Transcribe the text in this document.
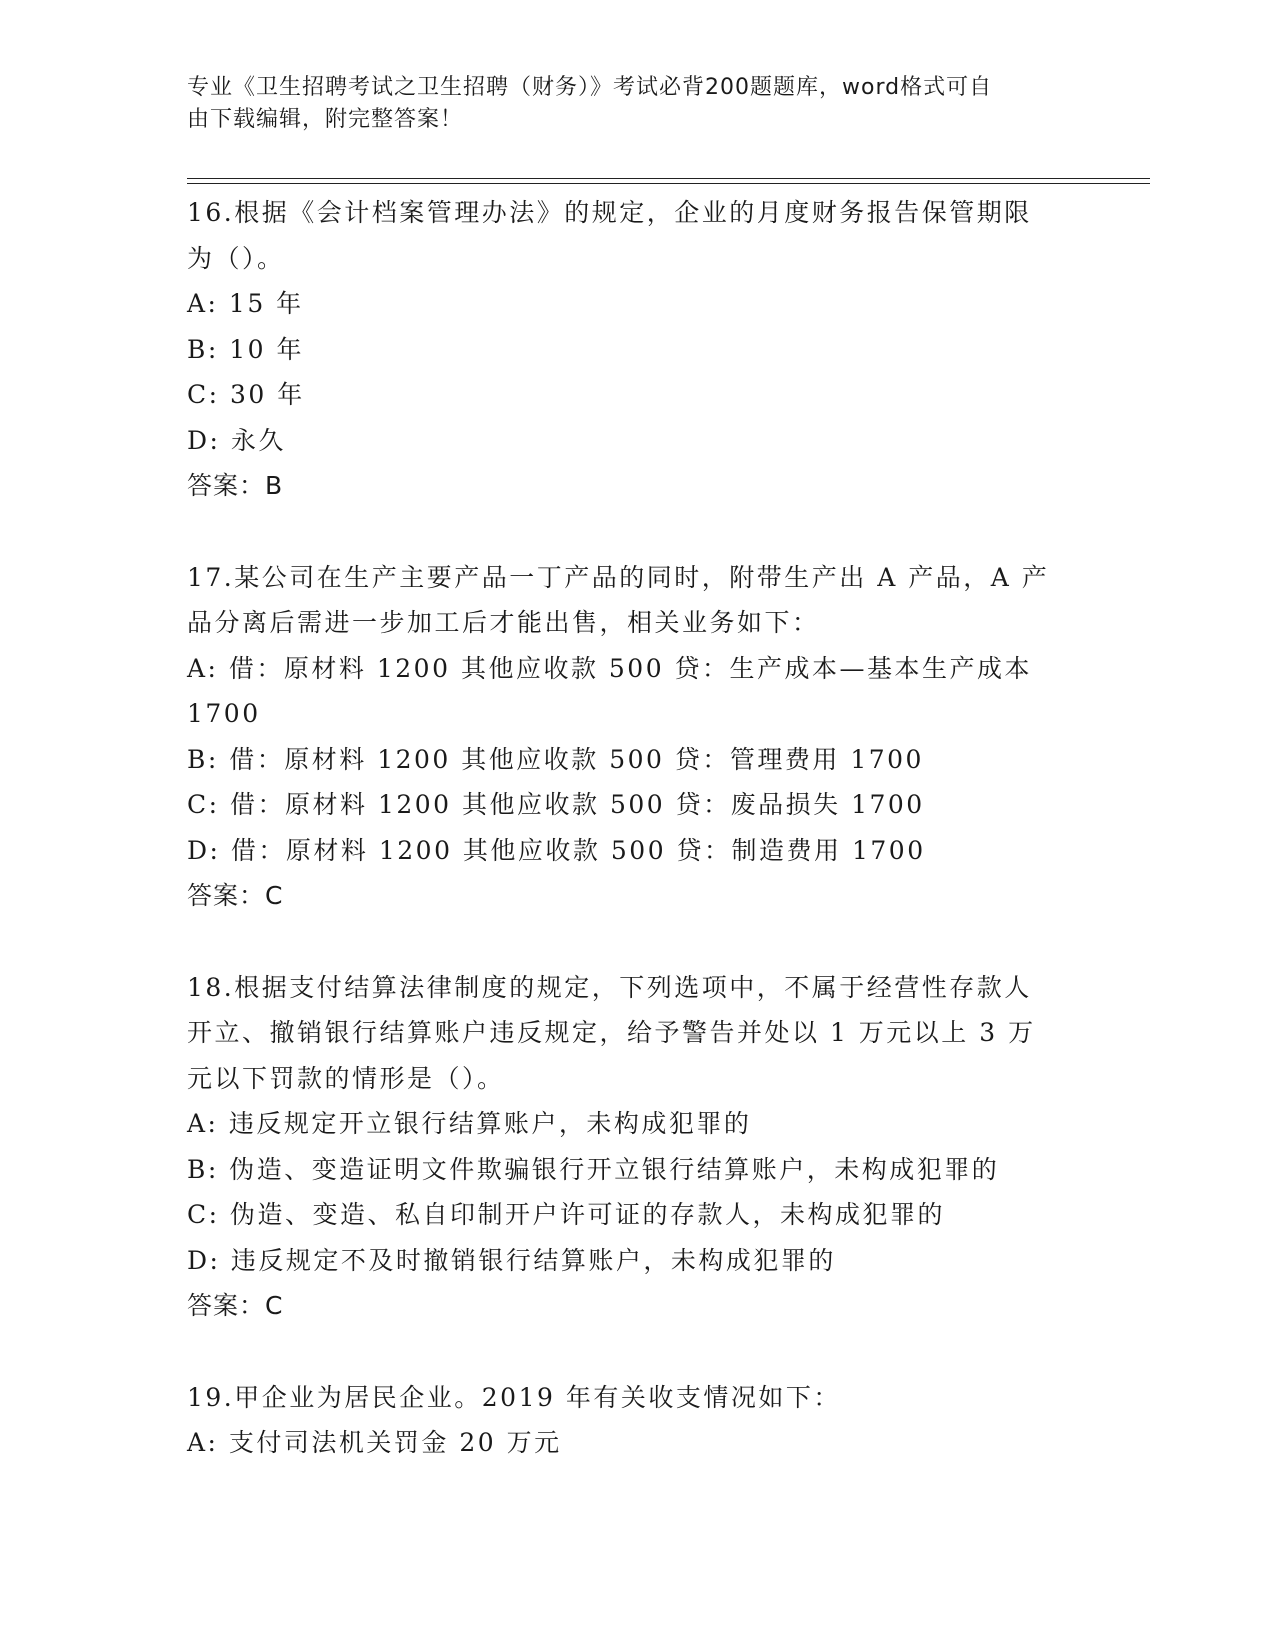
专业《卫生招聘考试之卫生招聘（财务）》考试必背200题题库，word格式可自
由下载编辑，附完整答案！
16.根据《会计档案管理办法》的规定，企业的月度财务报告保管期限
为（）。
A: 15 年
B: 10 年
C: 30 年
D: 永久
答案：B
17.某公司在生产主要产品一丁产品的同时，附带生产出 A 产品，A 产
品分离后需进一步加工后才能出售，相关业务如下：
A: 借：原材料 1200 其他应收款 500 贷：生产成本—基本生产成本
1700
B: 借：原材料 1200 其他应收款 500 贷：管理费用 1700
C: 借：原材料 1200 其他应收款 500 贷：废品损失 1700
D: 借：原材料 1200 其他应收款 500 贷：制造费用 1700
答案：C
18.根据支付结算法律制度的规定，下列选项中，不属于经营性存款人
开立、撤销银行结算账户违反规定，给予警告并处以 1 万元以上 3 万
元以下罚款的情形是（）。
A: 违反规定开立银行结算账户，未构成犯罪的
B: 伪造、变造证明文件欺骗银行开立银行结算账户，未构成犯罪的
C: 伪造、变造、私自印制开户许可证的存款人，未构成犯罪的
D: 违反规定不及时撤销银行结算账户，未构成犯罪的
答案：C
19.甲企业为居民企业。2019 年有关收支情况如下：
A: 支付司法机关罚金 20 万元
